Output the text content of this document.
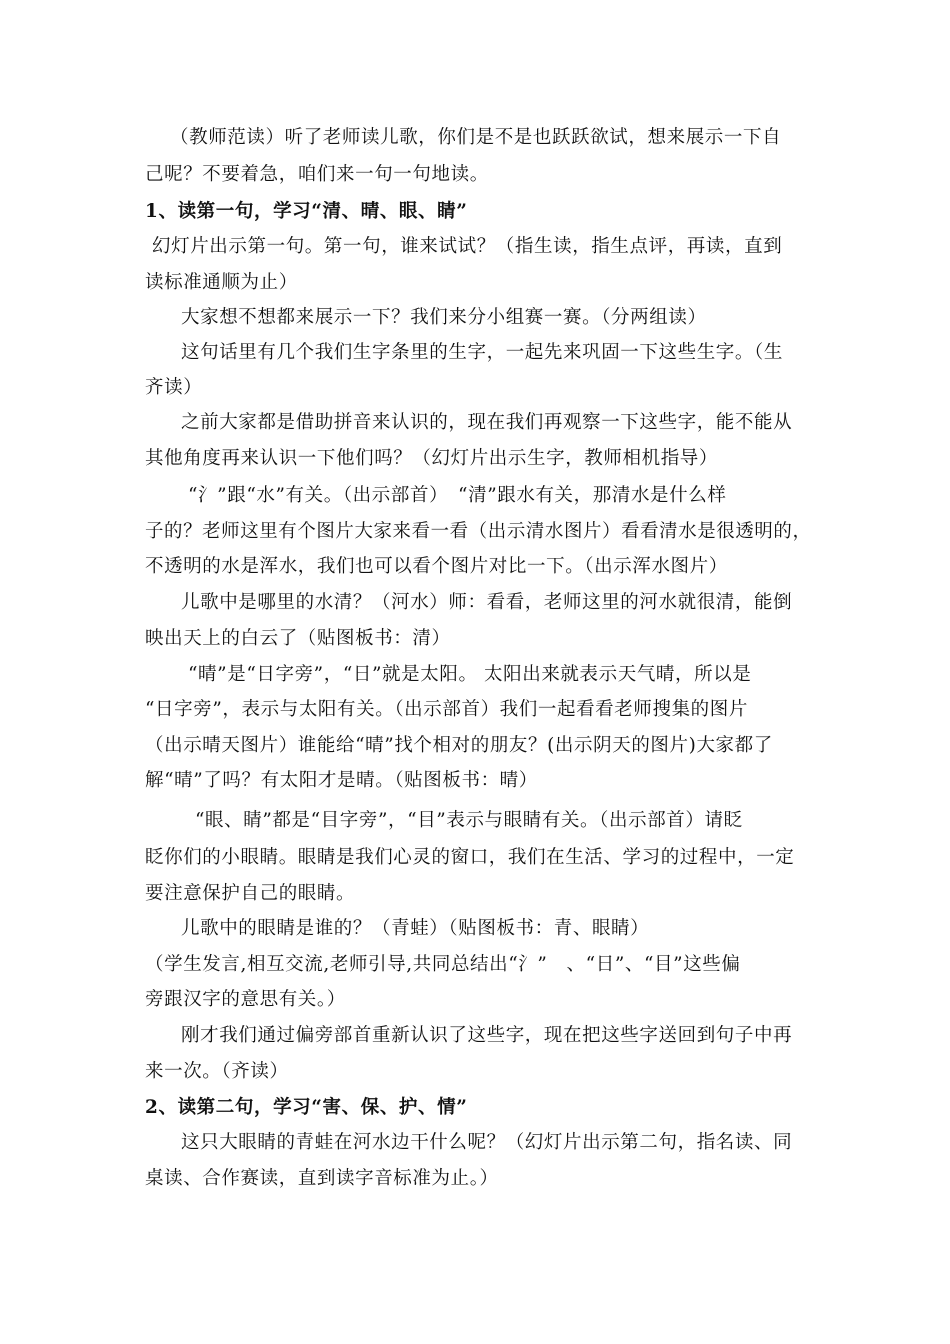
（教师范读）听了老师读儿歌，你们是不是也跃跃欲试，想来展示一下自
己呢？不要着急，咱们来一句一句地读。
1、读第一句，学习“清、晴、眼、睛”
幻灯片出示第一句。第一句，谁来试试？（指生读，指生点评，再读，直到
读标准通顺为止）
大家想不想都来展示一下？我们来分小组赛一赛。（分两组读）
这句话里有几个我们生字条里的生字，一起先来巩固一下这些生字。（生
齐读）
之前大家都是借助拼音来认识的，现在我们再观察一下这些字，能不能从
其他角度再来认识一下他们吗？（幻灯片出示生字，教师相机指导）
“氵”跟“水”有关。（出示部首）　“清”跟水有关，那清水是什么样
子的？老师这里有个图片大家来看一看（出示清水图片）看看清水是很透明的，
不透明的水是浑水，我们也可以看个图片对比一下。（出示浑水图片）
儿歌中是哪里的水清？（河水）师：看看，老师这里的河水就很清，能倒
映出天上的白云了（贴图板书：清）
“晴”是“日字旁”，“日”就是太阳。 太阳出来就表示天气晴，所以是
“日字旁”，表示与太阳有关。（出示部首）我们一起看看老师搜集的图片
（出示晴天图片）谁能给“晴”找个相对的朋友？(出示阴天的图片)大家都了
解“晴”了吗？有太阳才是晴。（贴图板书：晴）
“眼、睛”都是“目字旁”，“目”表示与眼睛有关。（出示部首）请眨
眨你们的小眼睛。眼睛是我们心灵的窗口，我们在生活、学习的过程中，一定
要注意保护自己的眼睛。
儿歌中的眼睛是谁的？（青蛙）（贴图板书：青、眼睛）
（学生发言,相互交流,老师引导,共同总结出“氵”　、“日”、“目”这些偏
旁跟汉字的意思有关。）
刚才我们通过偏旁部首重新认识了这些字，现在把这些字送回到句子中再
来一次。（齐读）
2、读第二句，学习“害、保、护、情”
这只大眼睛的青蛙在河水边干什么呢？（幻灯片出示第二句，指名读、同
桌读、合作赛读，直到读字音标准为止。）
